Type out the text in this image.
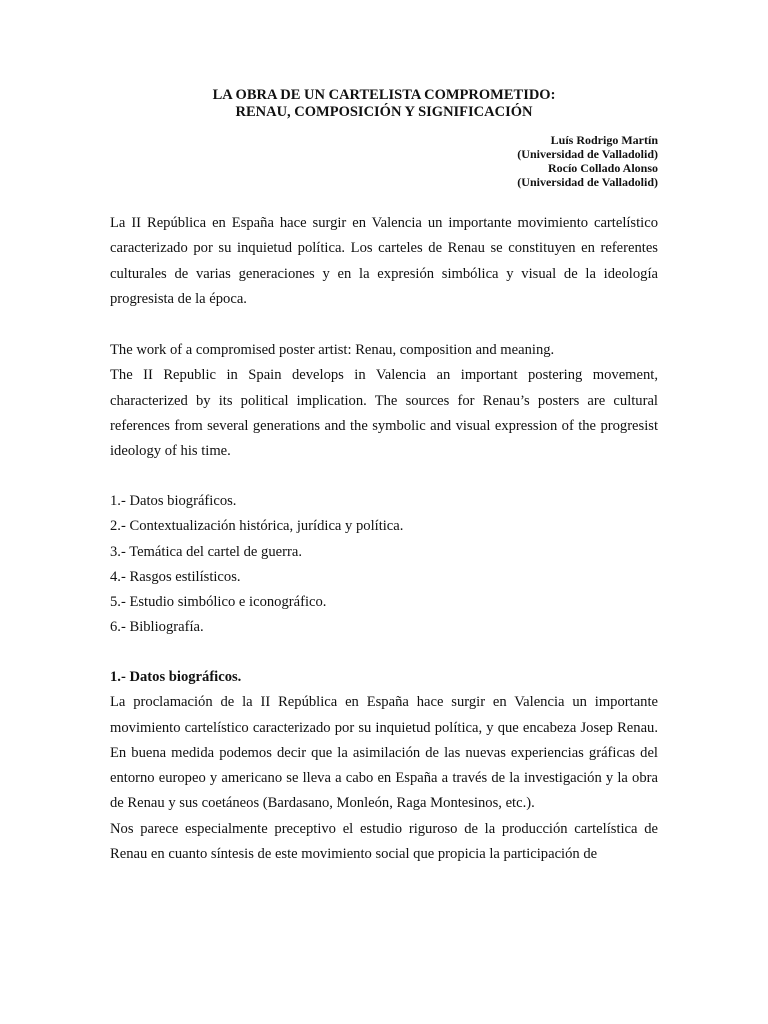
LA OBRA DE UN CARTELISTA COMPROMETIDO:
RENAU, COMPOSICIÓN Y SIGNIFICACIÓN
Luís Rodrigo Martín
(Universidad de Valladolid)
Rocío Collado Alonso
(Universidad de Valladolid)

La II República en España hace surgir en Valencia un importante movimiento cartelístico caracterizado por su inquietud política. Los carteles de Renau se constituyen en referentes culturales de varias generaciones y en la expresión simbólica y visual de la ideología progresista de la época.

The work of a compromised poster artist: Renau, composition and meaning.

The II Republic in Spain develops in Valencia an important postering movement, characterized by its political implication. The sources for Renau’s posters are cultural references from several generations and the symbolic and visual expression of the progresist ideology of his time.

1.- Datos biográficos.
2.- Contextualización histórica, jurídica y política.
3.- Temática del cartel de guerra.
4.- Rasgos estilísticos.
5.- Estudio simbólico e iconográfico.
6.- Bibliografía.

1.- Datos biográficos.

La proclamación de la II República en España hace surgir en Valencia un importante movimiento cartelístico caracterizado por su inquietud política, y que encabeza Josep Renau. En buena medida podemos decir que la asimilación de las nuevas experiencias gráficas del entorno europeo y americano se lleva a cabo en España a través de la investigación y la obra de Renau y sus coetáneos (Bardasano, Monleón, Raga Montesinos, etc.).

Nos parece especialmente preceptivo el estudio riguroso de la producción cartelística de Renau en cuanto síntesis de este movimiento social que propicia la participación de
